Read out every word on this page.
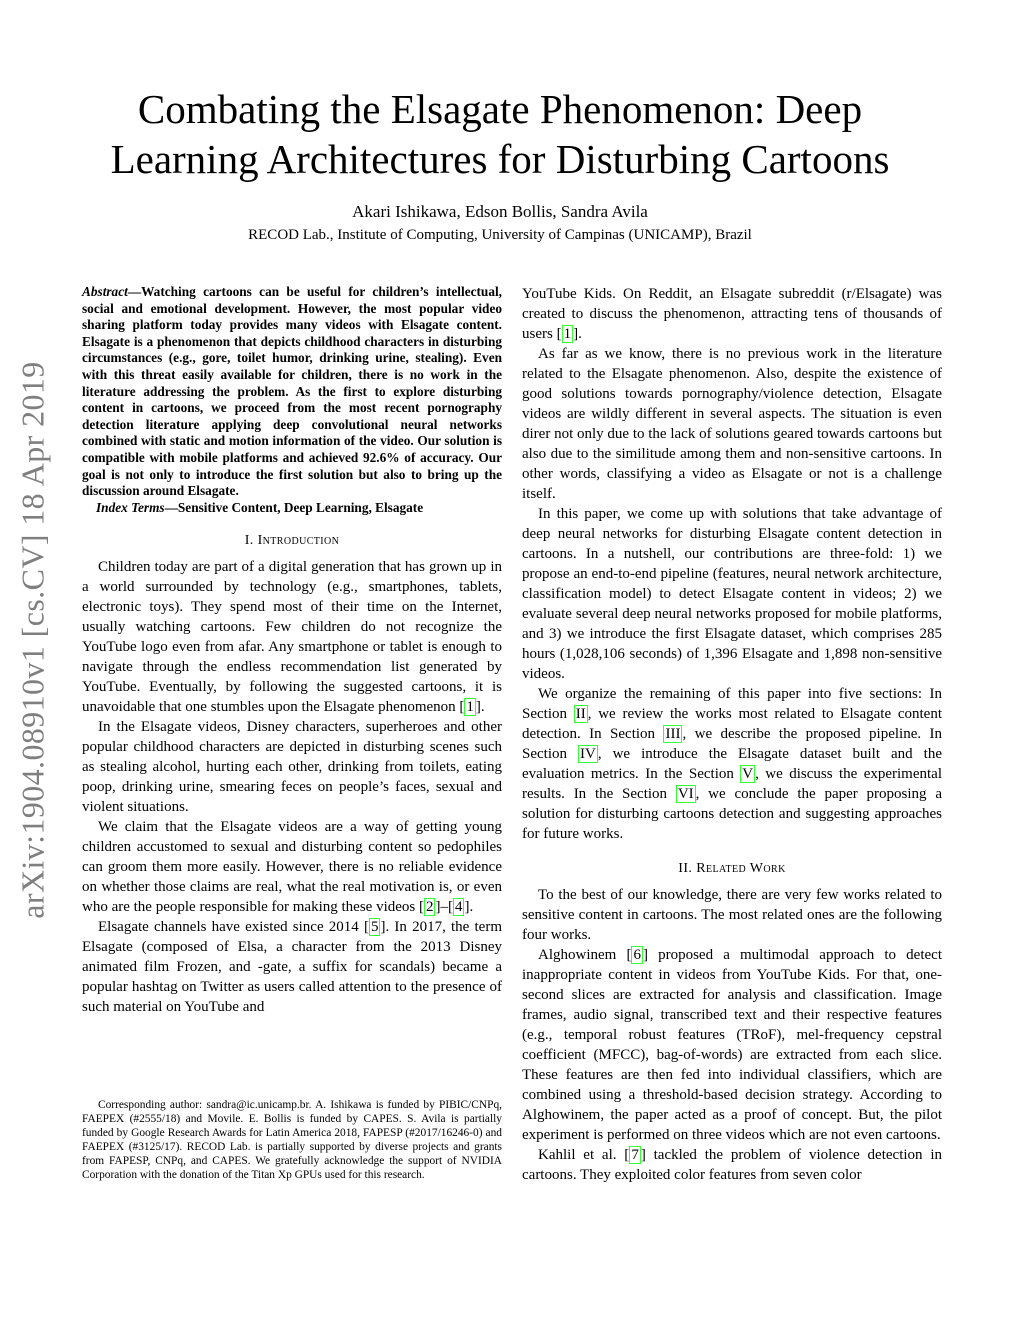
arXiv:1904.08910v1 [cs.CV] 18 Apr 2019
Combating the Elsagate Phenomenon: Deep
Learning Architectures for Disturbing Cartoons
Akari Ishikawa, Edson Bollis, Sandra Avila
RECOD Lab., Institute of Computing, University of Campinas (UNICAMP), Brazil

Abstract—Watching cartoons can be useful for children’s intellectual, social and emotional development. However, the most popular video sharing platform today provides many videos with Elsagate content. Elsagate is a phenomenon that depicts childhood characters in disturbing circumstances (e.g., gore, toilet humor, drinking urine, stealing). Even with this threat easily available for children, there is no work in the literature addressing the problem. As the first to explore disturbing content in cartoons, we proceed from the most recent pornography detection literature applying deep convolutional neural networks combined with static and motion information of the video. Our solution is compatible with mobile platforms and achieved 92.6% of accuracy. Our goal is not only to introduce the first solution but also to bring up the discussion around Elsagate.

Index Terms—Sensitive Content, Deep Learning, Elsagate

I. Introduction

Children today are part of a digital generation that has grown up in a world surrounded by technology (e.g., smartphones, tablets, electronic toys). They spend most of their time on the Internet, usually watching cartoons. Few children do not recognize the YouTube logo even from afar. Any smartphone or tablet is enough to navigate through the endless recommendation list generated by YouTube. Eventually, by following the suggested cartoons, it is unavoidable that one stumbles upon the Elsagate phenomenon [ 1 ].

In the Elsagate videos, Disney characters, superheroes and other popular childhood characters are depicted in disturbing scenes such as stealing alcohol, hurting each other, drinking from toilets, eating poop, drinking urine, smearing feces on people’s faces, sexual and violent situations.

We claim that the Elsagate videos are a way of getting young children accustomed to sexual and disturbing content so pedophiles can groom them more easily. However, there is no reliable evidence on whether those claims are real, what the real motivation is, or even who are the people responsible for making these videos [ 2 ]–[ 4 ].

Elsagate channels have existed since 2014 [ 5 ]. In 2017, the term Elsagate (composed of Elsa, a character from the 2013 Disney animated film Frozen, and -gate, a suffix for scandals) became a popular hashtag on Twitter as users called attention to the presence of such material on YouTube and

Corresponding author: sandra@ic.unicamp.br. A. Ishikawa is funded by PIBIC/CNPq, FAEPEX (#2555/18) and Movile. E. Bollis is funded by CAPES. S. Avila is partially funded by Google Research Awards for Latin America 2018, FAPESP (#2017/16246-0) and FAEPEX (#3125/17). RECOD Lab. is partially supported by diverse projects and grants from FAPESP, CNPq, and CAPES. We gratefully acknowledge the support of NVIDIA Corporation with the donation of the Titan Xp GPUs used for this research.

YouTube Kids. On Reddit, an Elsagate subreddit (r/Elsagate) was created to discuss the phenomenon, attracting tens of thousands of users [ 1 ].

As far as we know, there is no previous work in the literature related to the Elsagate phenomenon. Also, despite the existence of good solutions towards pornography/violence detection, Elsagate videos are wildly different in several aspects. The situation is even direr not only due to the lack of solutions geared towards cartoons but also due to the similitude among them and non-sensitive cartoons. In other words, classifying a video as Elsagate or not is a challenge itself.

In this paper, we come up with solutions that take advantage of deep neural networks for disturbing Elsagate content detection in cartoons. In a nutshell, our contributions are three-fold: 1) we propose an end-to-end pipeline (features, neural network architecture, classification model) to detect Elsagate content in videos; 2) we evaluate several deep neural networks proposed for mobile platforms, and 3) we introduce the first Elsagate dataset, which comprises 285 hours (1,028,106 seconds) of 1,396 Elsagate and 1,898 non-sensitive videos.

We organize the remaining of this paper into five sections: In Section II , we review the works most related to Elsagate content detection. In Section III , we describe the proposed pipeline. In Section IV , we introduce the Elsagate dataset built and the evaluation metrics. In the Section V , we discuss the experimental results. In the Section VI , we conclude the paper proposing a solution for disturbing cartoons detection and suggesting approaches for future works.

II. Related Work

To the best of our knowledge, there are very few works related to sensitive content in cartoons. The most related ones are the following four works.

Alghowinem [ 6 ] proposed a multimodal approach to detect inappropriate content in videos from YouTube Kids. For that, one-second slices are extracted for analysis and classification. Image frames, audio signal, transcribed text and their respective features (e.g., temporal robust features (TRoF), mel-frequency cepstral coefficient (MFCC), bag-of-words) are extracted from each slice. These features are then fed into individual classifiers, which are combined using a threshold-based decision strategy. According to Alghowinem, the paper acted as a proof of concept. But, the pilot experiment is performed on three videos which are not even cartoons.

Kahlil et al. [ 7 ] tackled the problem of violence detection in cartoons. They exploited color features from seven color
